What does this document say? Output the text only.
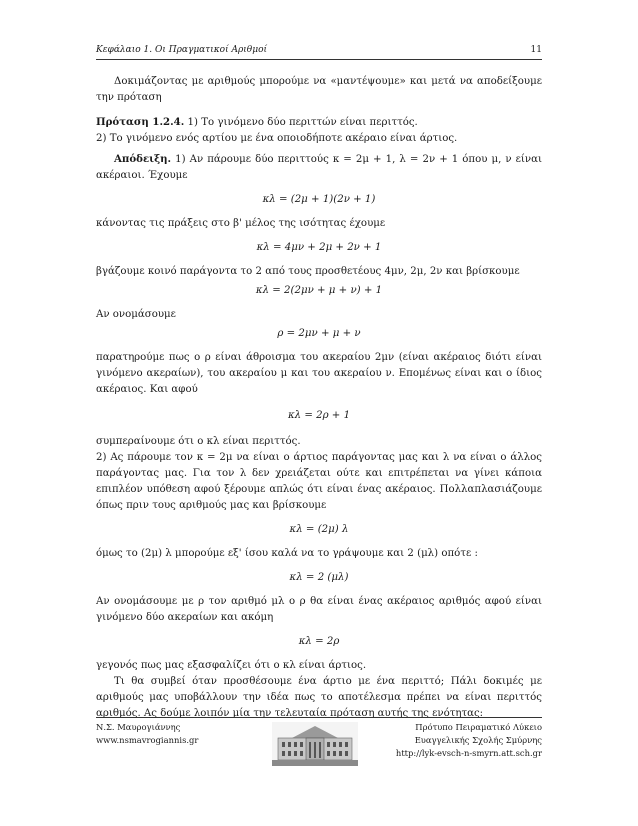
Κεφάλαιο 1. Οι Πραγματικοί Αριθμοί	11

Δοκιμάζοντας με αριθμούς μπορούμε να «μαντέψουμε» και μετά να αποδείξουμε την πρόταση

Πρόταση 1.2.4. 1) Το γινόμενο δύο περιττών είναι περιττός.

2) Το γινόμενο ενός αρτίου με ένα οποιοδήποτε ακέραιο είναι άρτιος.

Απόδειξη. 1) Αν πάρουμε δύο περιττούς κ = 2μ + 1, λ = 2ν + 1 όπου μ, ν είναι ακέραιοι. Έχουμε

κλ = (2μ + 1)(2ν + 1)

κάνοντας τις πράξεις στο β' μέλος της ισότητας έχουμε

κλ = 4μν + 2μ + 2ν + 1

βγάζουμε κοινό παράγοντα το 2 από τους προσθετέους 4μν, 2μ, 2ν και βρίσκουμε

κλ = 2(2μν + μ + ν) + 1

Αν ονομάσουμε

ρ = 2μν + μ + ν

παρατηρούμε πως ο ρ είναι άθροισμα του ακεραίου 2μν (είναι ακέραιος διότι είναι γινόμενο ακεραίων), του ακεραίου μ και του ακεραίου ν. Επομένως είναι και ο ίδιος ακέραιος. Και αφού

κλ = 2ρ + 1

συμπεραίνουμε ότι ο κλ είναι περιττός.

2) Ας πάρουμε τον κ = 2μ να είναι ο άρτιος παράγοντας μας και λ να είναι ο άλλος παράγοντας μας. Για τον λ δεν χρειάζεται ούτε και επιτρέπεται να γίνει κάποια επιπλέον υπόθεση αφού ξέρουμε απλώς ότι είναι ένας ακέραιος. Πολλαπλασιάζουμε όπως πριν τους αριθμούς μας και βρίσκουμε

κλ = (2μ) λ

όμως το (2μ) λ μπορούμε εξ' ίσου καλά να το γράψουμε και 2 (μλ) οπότε :

κλ = 2 (μλ)

Αν ονομάσουμε με ρ τον αριθμό μλ ο ρ θα είναι ένας ακέραιος αριθμός αφού είναι γινόμενο δύο ακεραίων και ακόμη

κλ = 2ρ

γεγονός πως μας εξασφαλίζει ότι ο κλ είναι άρτιος.

Τι θα συμβεί όταν προσθέσουμε ένα άρτιο με ένα περιττό; Πάλι δοκιμές με αριθμούς μας υποβάλλουν την ιδέα πως το αποτέλεσμα πρέπει να είναι περιττός αριθμός. Ας δούμε λοιπόν μία την τελευταία πρόταση αυτής της ενότητας:

Ν.Σ. Μαυρογιάννης
www.nsmavrogiannis.gr
Πρότυπο Πειραματικό Λύκειο
Ευαγγελικής Σχολής Σμύρνης
http://lyk-evsch-n-smyrn.att.sch.gr
